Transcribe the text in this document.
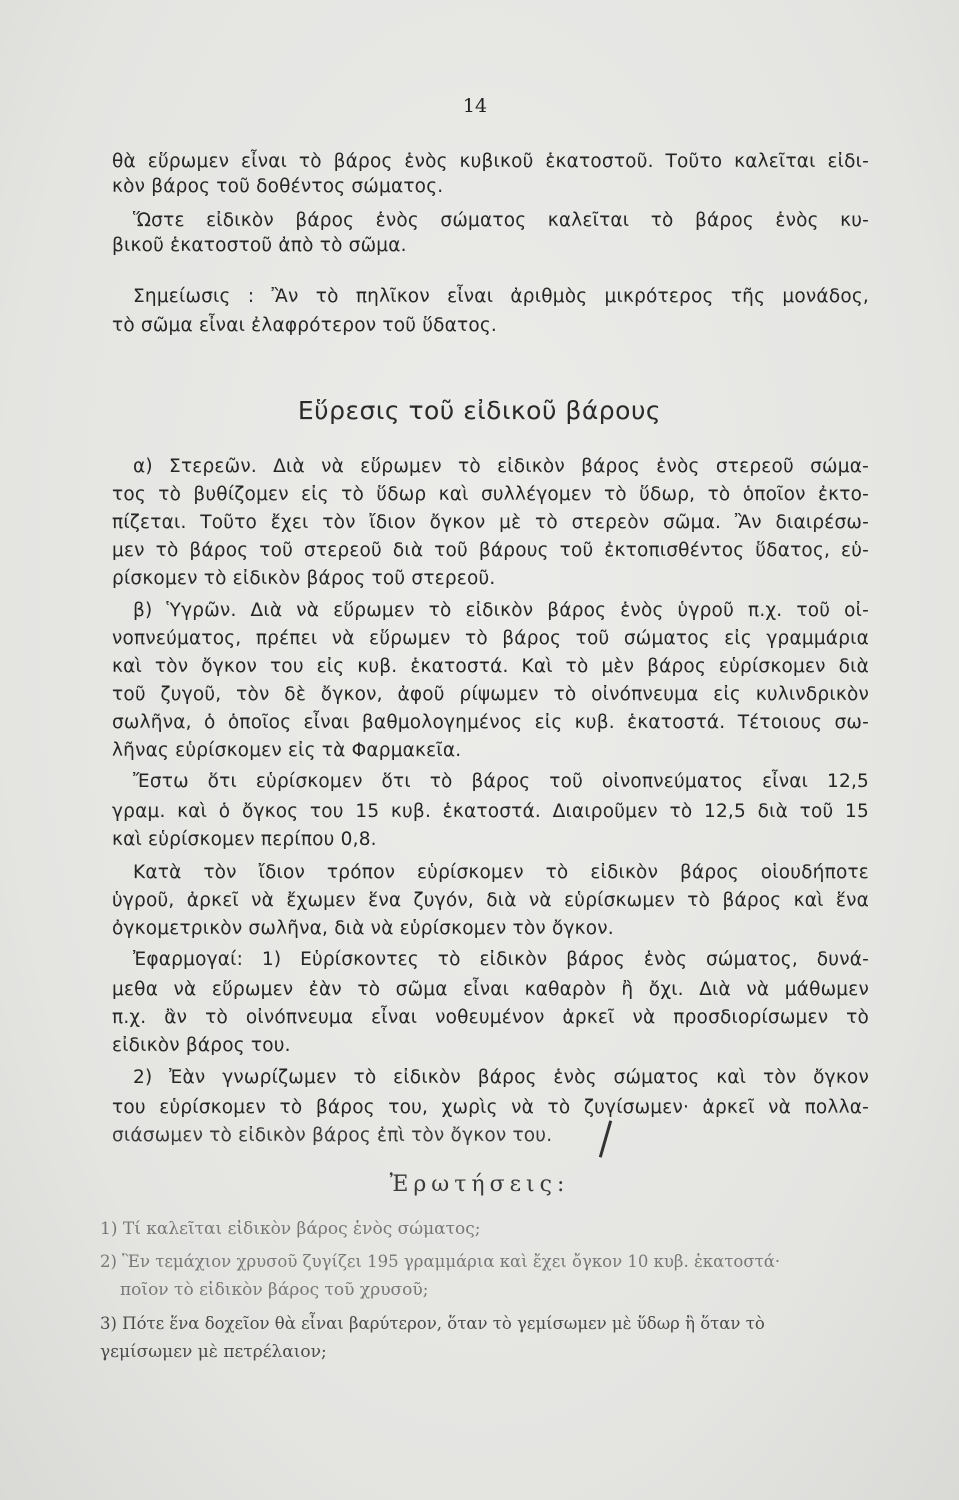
14
θὰ εὕρωμεν εἶναι τὸ βάρος ἑνὸς κυβικοῦ ἑκατοστοῦ. Τοῦτο καλεῖται εἰδι-
κὸν βάρος τοῦ δοθέντος σώματος.
Ὥστε εἰδικὸν βάρος ἑνὸς σώματος καλεῖται τὸ βάρος ἑνὸς κυ-
βικοῦ ἑκατοστοῦ ἀπὸ τὸ σῶμα.
Σημείωσις : Ἂν τὸ πηλῖκον εἶναι ἀριθμὸς μικρότερος τῆς μονάδος,
τὸ σῶμα εἶναι ἐλαφρότερον τοῦ ὕδατος.
Εὕρεσις τοῦ εἰδικοῦ βάρους
α) Στερεῶν. Διὰ νὰ εὕρωμεν τὸ εἰδικὸν βάρος ἑνὸς στερεοῦ σώμα-
τος τὸ βυθίζομεν εἰς τὸ ὕδωρ καὶ συλλέγομεν τὸ ὕδωρ, τὸ ὁποῖον ἐκτο-
πίζεται. Τοῦτο ἔχει τὸν ἴδιον ὄγκον μὲ τὸ στερεὸν σῶμα. Ἂν διαιρέσω-
μεν τὸ βάρος τοῦ στερεοῦ διὰ τοῦ βάρους τοῦ ἐκτοπισθέντος ὕδατος, εὑ-
ρίσκομεν τὸ εἰδικὸν βάρος τοῦ στερεοῦ.
β) Ὑγρῶν. Διὰ νὰ εὕρωμεν τὸ εἰδικὸν βάρος ἑνὸς ὑγροῦ π.χ. τοῦ οἰ-
νοπνεύματος, πρέπει νὰ εὕρωμεν τὸ βάρος τοῦ σώματος εἰς γραμμάρια
καὶ τὸν ὄγκον του εἰς κυβ. ἑκατοστά. Καὶ τὸ μὲν βάρος εὑρίσκομεν διὰ
τοῦ ζυγοῦ, τὸν δὲ ὄγκον, ἀφοῦ ρίψωμεν τὸ οἰνόπνευμα εἰς κυλινδρικὸν
σωλῆνα, ὁ ὁποῖος εἶναι βαθμολογημένος εἰς κυβ. ἑκατοστά. Τέτοιους σω-
λῆνας εὑρίσκομεν εἰς τὰ Φαρμακεῖα.
Ἔστω ὅτι εὑρίσκομεν ὅτι τὸ βάρος τοῦ οἰνοπνεύματος εἶναι 12,5
γραμ. καὶ ὁ ὄγκος του 15 κυβ. ἑκατοστά. Διαιροῦμεν τὸ 12,5 διὰ τοῦ 15
καὶ εὑρίσκομεν περίπου 0,8.
Κατὰ τὸν ἴδιον τρόπον εὑρίσκομεν τὸ εἰδικὸν βάρος οἱουδήποτε
ὑγροῦ, ἀρκεῖ νὰ ἔχωμεν ἕνα ζυγόν, διὰ νὰ εὑρίσκωμεν τὸ βάρος καὶ ἕνα
ὀγκομετρικὸν σωλῆνα, διὰ νὰ εὑρίσκομεν τὸν ὄγκον.
Ἐφαρμογαί: 1) Εὑρίσκοντες τὸ εἰδικὸν βάρος ἑνὸς σώματος, δυνά-
μεθα νὰ εὕρωμεν ἐὰν τὸ σῶμα εἶναι καθαρὸν ἢ ὄχι. Διὰ νὰ μάθωμεν
π.χ. ἂν τὸ οἰνόπνευμα εἶναι νοθευμένον ἀρκεῖ νὰ προσδιορίσωμεν τὸ
εἰδικὸν βάρος του.
2) Ἐὰν γνωρίζωμεν τὸ εἰδικὸν βάρος ἑνὸς σώματος καὶ τὸν ὄγκον
του εὑρίσκομεν τὸ βάρος του, χωρὶς νὰ τὸ ζυγίσωμεν· ἀρκεῖ νὰ πολλα-
σιάσωμεν τὸ εἰδικὸν βάρος ἐπὶ τὸν ὄγκον του.
Ἐρωτήσεις:
1) Τί καλεῖται εἰδικὸν βάρος ἑνὸς σώματος;
2) Ἓν τεμάχιον χρυσοῦ ζυγίζει 195 γραμμάρια καὶ ἔχει ὄγκον 10 κυβ. ἑκατοστά·
ποῖον τὸ εἰδικὸν βάρος τοῦ χρυσοῦ;
3) Πότε ἕνα δοχεῖον θὰ εἶναι βαρύτερον, ὅταν τὸ γεμίσωμεν μὲ ὕδωρ ἢ ὅταν τὸ
γεμίσωμεν μὲ πετρέλαιον;
